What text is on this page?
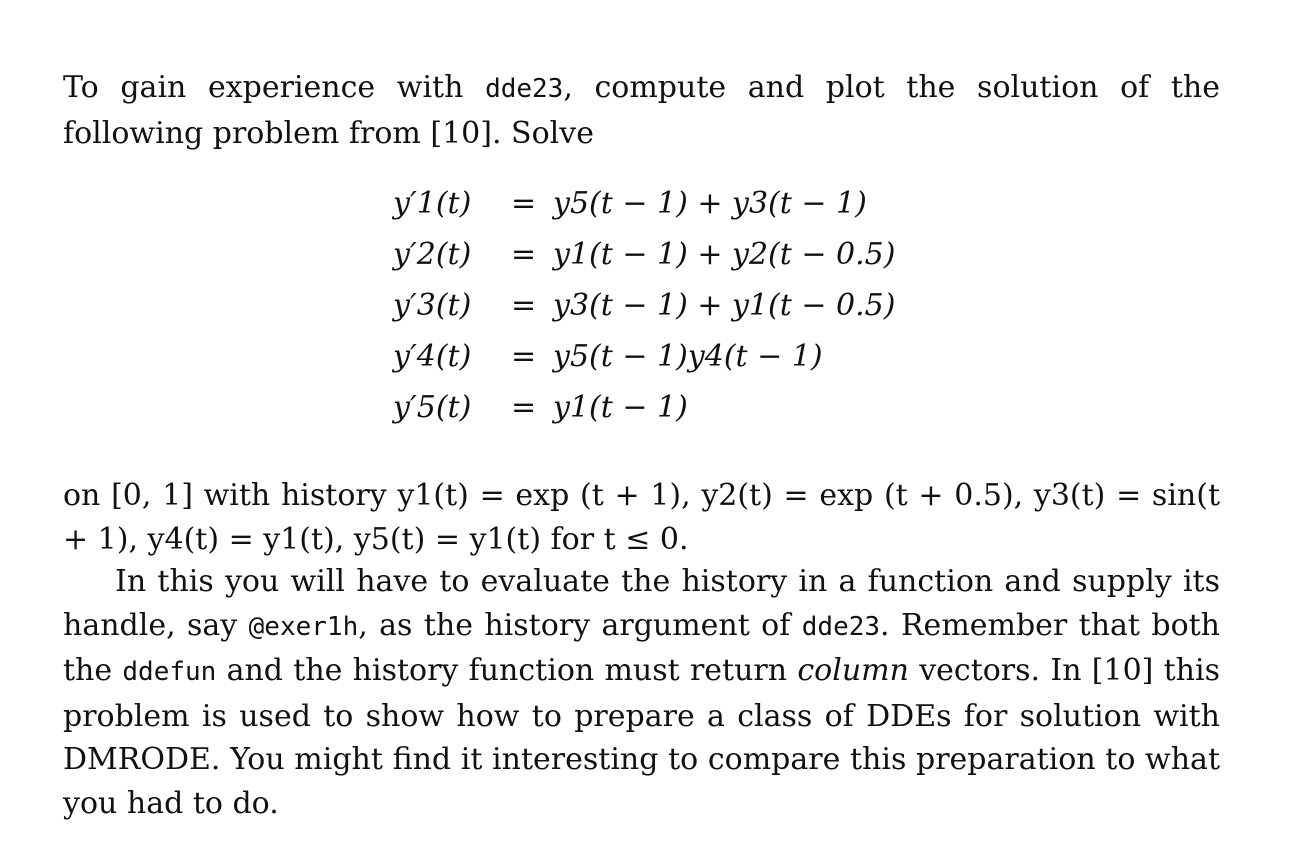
To gain experience with dde23, compute and plot the solution of the following problem from [10]. Solve

y′1(t)	= y5(t − 1) + y3(t − 1)
y′2(t)	= y1(t − 1) + y2(t − 0.5)
y′3(t)	= y3(t − 1) + y1(t − 0.5)
y′4(t)	= y5(t − 1)y4(t − 1)
y′5(t)	= y1(t − 1)

on [0, 1] with history y1(t) = exp (t + 1), y2(t) = exp (t + 0.5), y3(t) = sin(t + 1), y4(t) = y1(t), y5(t) = y1(t) for t ≤ 0.

In this you will have to evaluate the history in a function and supply its handle, say @exer1h, as the history argument of dde23. Remember that both the ddefun and the history function must return column vectors. In [10] this problem is used to show how to prepare a class of DDEs for solution with DMRODE. You might find it interesting to compare this preparation to what you had to do.
